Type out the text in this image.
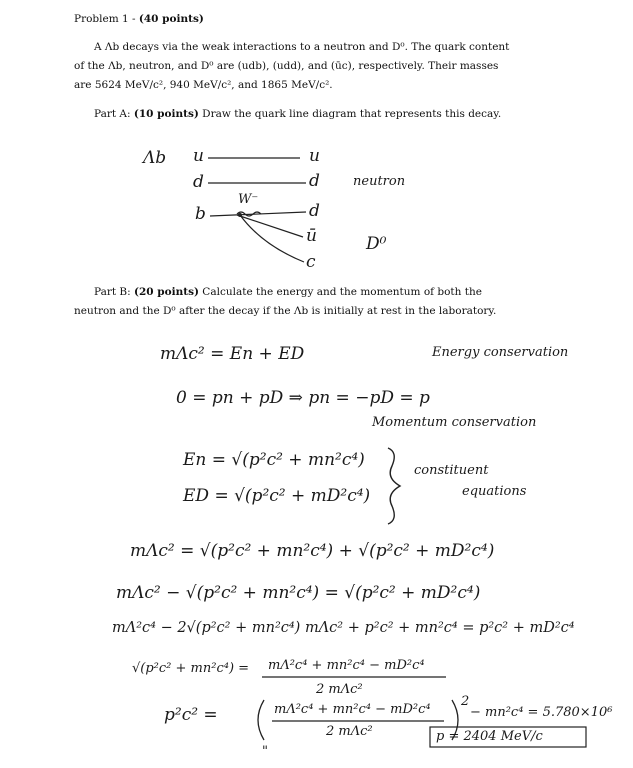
Problem 1 - (40 points)
A Λb decays via the weak interactions to a neutron and D⁰. The quark content
of the Λb, neutron, and D⁰ are (udb), (udd), and (ūc), respectively. Their masses
are 5624 MeV/c², 940 MeV/c², and 1865 MeV/c².
Part A: (10 points) Draw the quark line diagram that represents this decay.
Λb u
d
b
W⁻
u
d
d
ū
c
neutron
D⁰
Part B: (20 points) Calculate the energy and the momentum of both the
neutron and the D⁰ after the decay if the Λb is initially at rest in the laboratory.
mΛc² = En + ED	Energy conservation
0 = pn + pD ⇒ pn = −pD = p
Momentum conservation
En = √(p²c² + mn²c⁴)
ED = √(p²c² + mD²c⁴)
constituent
equations
mΛc² = √(p²c² + mn²c⁴) + √(p²c² + mD²c⁴)
mΛc² − √(p²c² + mn²c⁴) = √(p²c² + mD²c⁴)
mΛ²c⁴ − 2√(p²c² + mn²c⁴) mΛc² + p²c² + mn²c⁴ = p²c² + mD²c⁴
√(p²c² + mn²c⁴) = mΛ²c⁴ + mn²c⁴ − mD²c⁴
2 mΛc²
p²c² =	mΛ²c⁴ + mn²c⁴ − mD²c⁴
2 mΛc²
2
− mn²c⁴ = 5.780×10⁶
p = 2404 MeV/c
"
